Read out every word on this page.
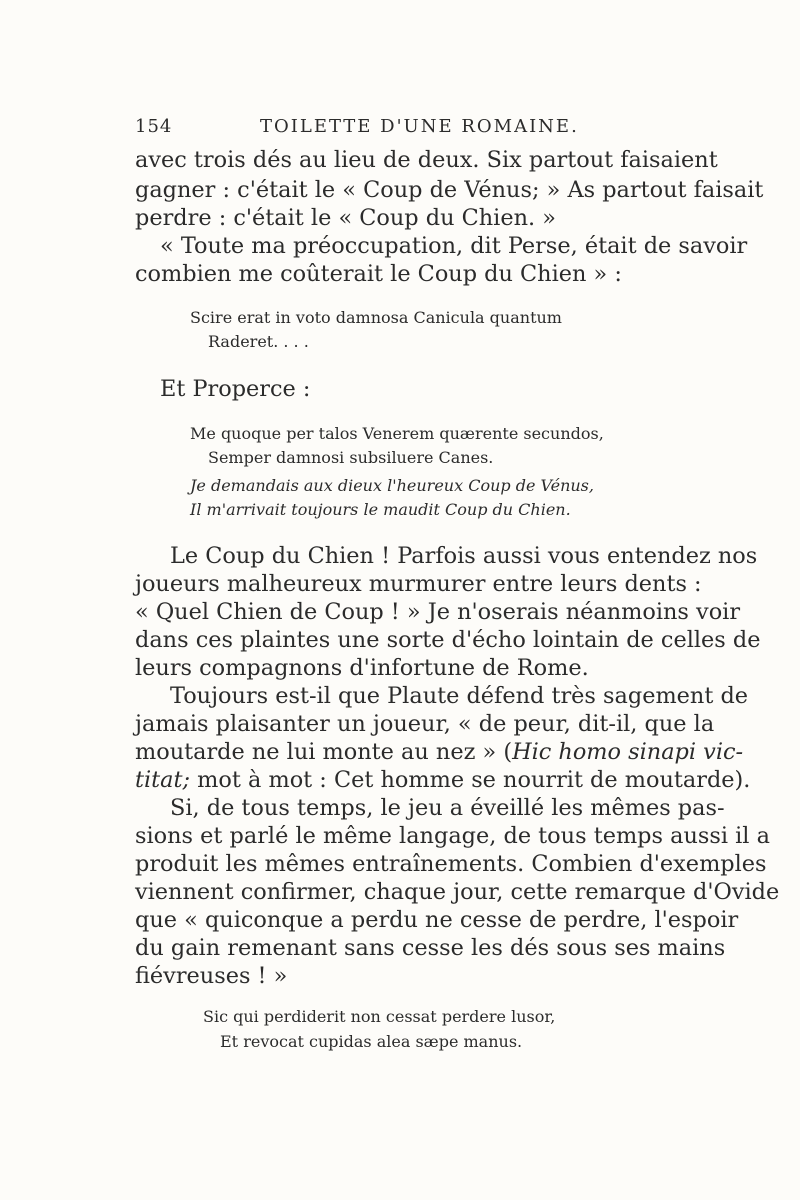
154	TOILETTE D'UNE ROMAINE.
avec trois dés au lieu de deux. Six partout faisaient
gagner : c'était le « Coup de Vénus; » As partout faisait
perdre : c'était le « Coup du Chien. »
« Toute ma préoccupation, dit Perse, était de savoir
combien me coûterait le Coup du Chien » :
Scire erat in voto damnosa Canicula quantum
Raderet. . . .
Et Properce :
Me quoque per talos Venerem quærente secundos,
Semper damnosi subsiluere Canes.
Je demandais aux dieux l'heureux Coup de Vénus,
Il m'arrivait toujours le maudit Coup du Chien.
Le Coup du Chien ! Parfois aussi vous entendez nos
joueurs malheureux murmurer entre leurs dents :
« Quel Chien de Coup ! » Je n'oserais néanmoins voir
dans ces plaintes une sorte d'écho lointain de celles de
leurs compagnons d'infortune de Rome.
Toujours est-il que Plaute défend très sagement de
jamais plaisanter un joueur, « de peur, dit-il, que la
moutarde ne lui monte au nez » (Hic homo sinapi vic-
titat; mot à mot : Cet homme se nourrit de moutarde).
Si, de tous temps, le jeu a éveillé les mêmes pas-
sions et parlé le même langage, de tous temps aussi il a
produit les mêmes entraînements. Combien d'exemples
viennent confirmer, chaque jour, cette remarque d'Ovide
que « quiconque a perdu ne cesse de perdre, l'espoir
du gain remenant sans cesse les dés sous ses mains
fiévreuses ! »
Sic qui perdiderit non cessat perdere lusor,
Et revocat cupidas alea sæpe manus.
